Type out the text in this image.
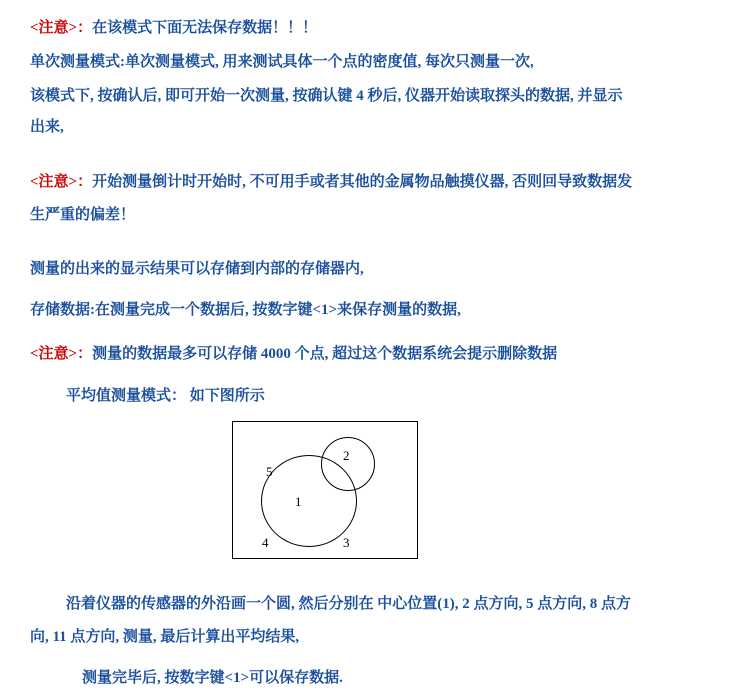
<注意>：在该模式下面无法保存数据！！！
单次测量模式:单次测量模式, 用来测试具体一个点的密度值, 每次只测量一次,
该模式下, 按确认后, 即可开始一次测量, 按确认键 4 秒后, 仪器开始读取探头的数据, 并显示
出来,
<注意>：开始测量倒计时开始时, 不可用手或者其他的金属物品触摸仪器, 否则回导致数据发
生严重的偏差！
测量的出来的显示结果可以存储到内部的存储器内,
存储数据:在测量完成一个数据后, 按数字键<1>来保存测量的数据,
<注意>：测量的数据最多可以存储 4000 个点, 超过这个数据系统会提示删除数据
平均值测量模式： 如下图所示
1
2
5
4	3
沿着仪器的传感器的外沿画一个圆, 然后分别在 中心位置(1), 2 点方向, 5 点方向, 8 点方
向, 11 点方向, 测量, 最后计算出平均结果,
测量完毕后, 按数字键<1>可以保存数据.
